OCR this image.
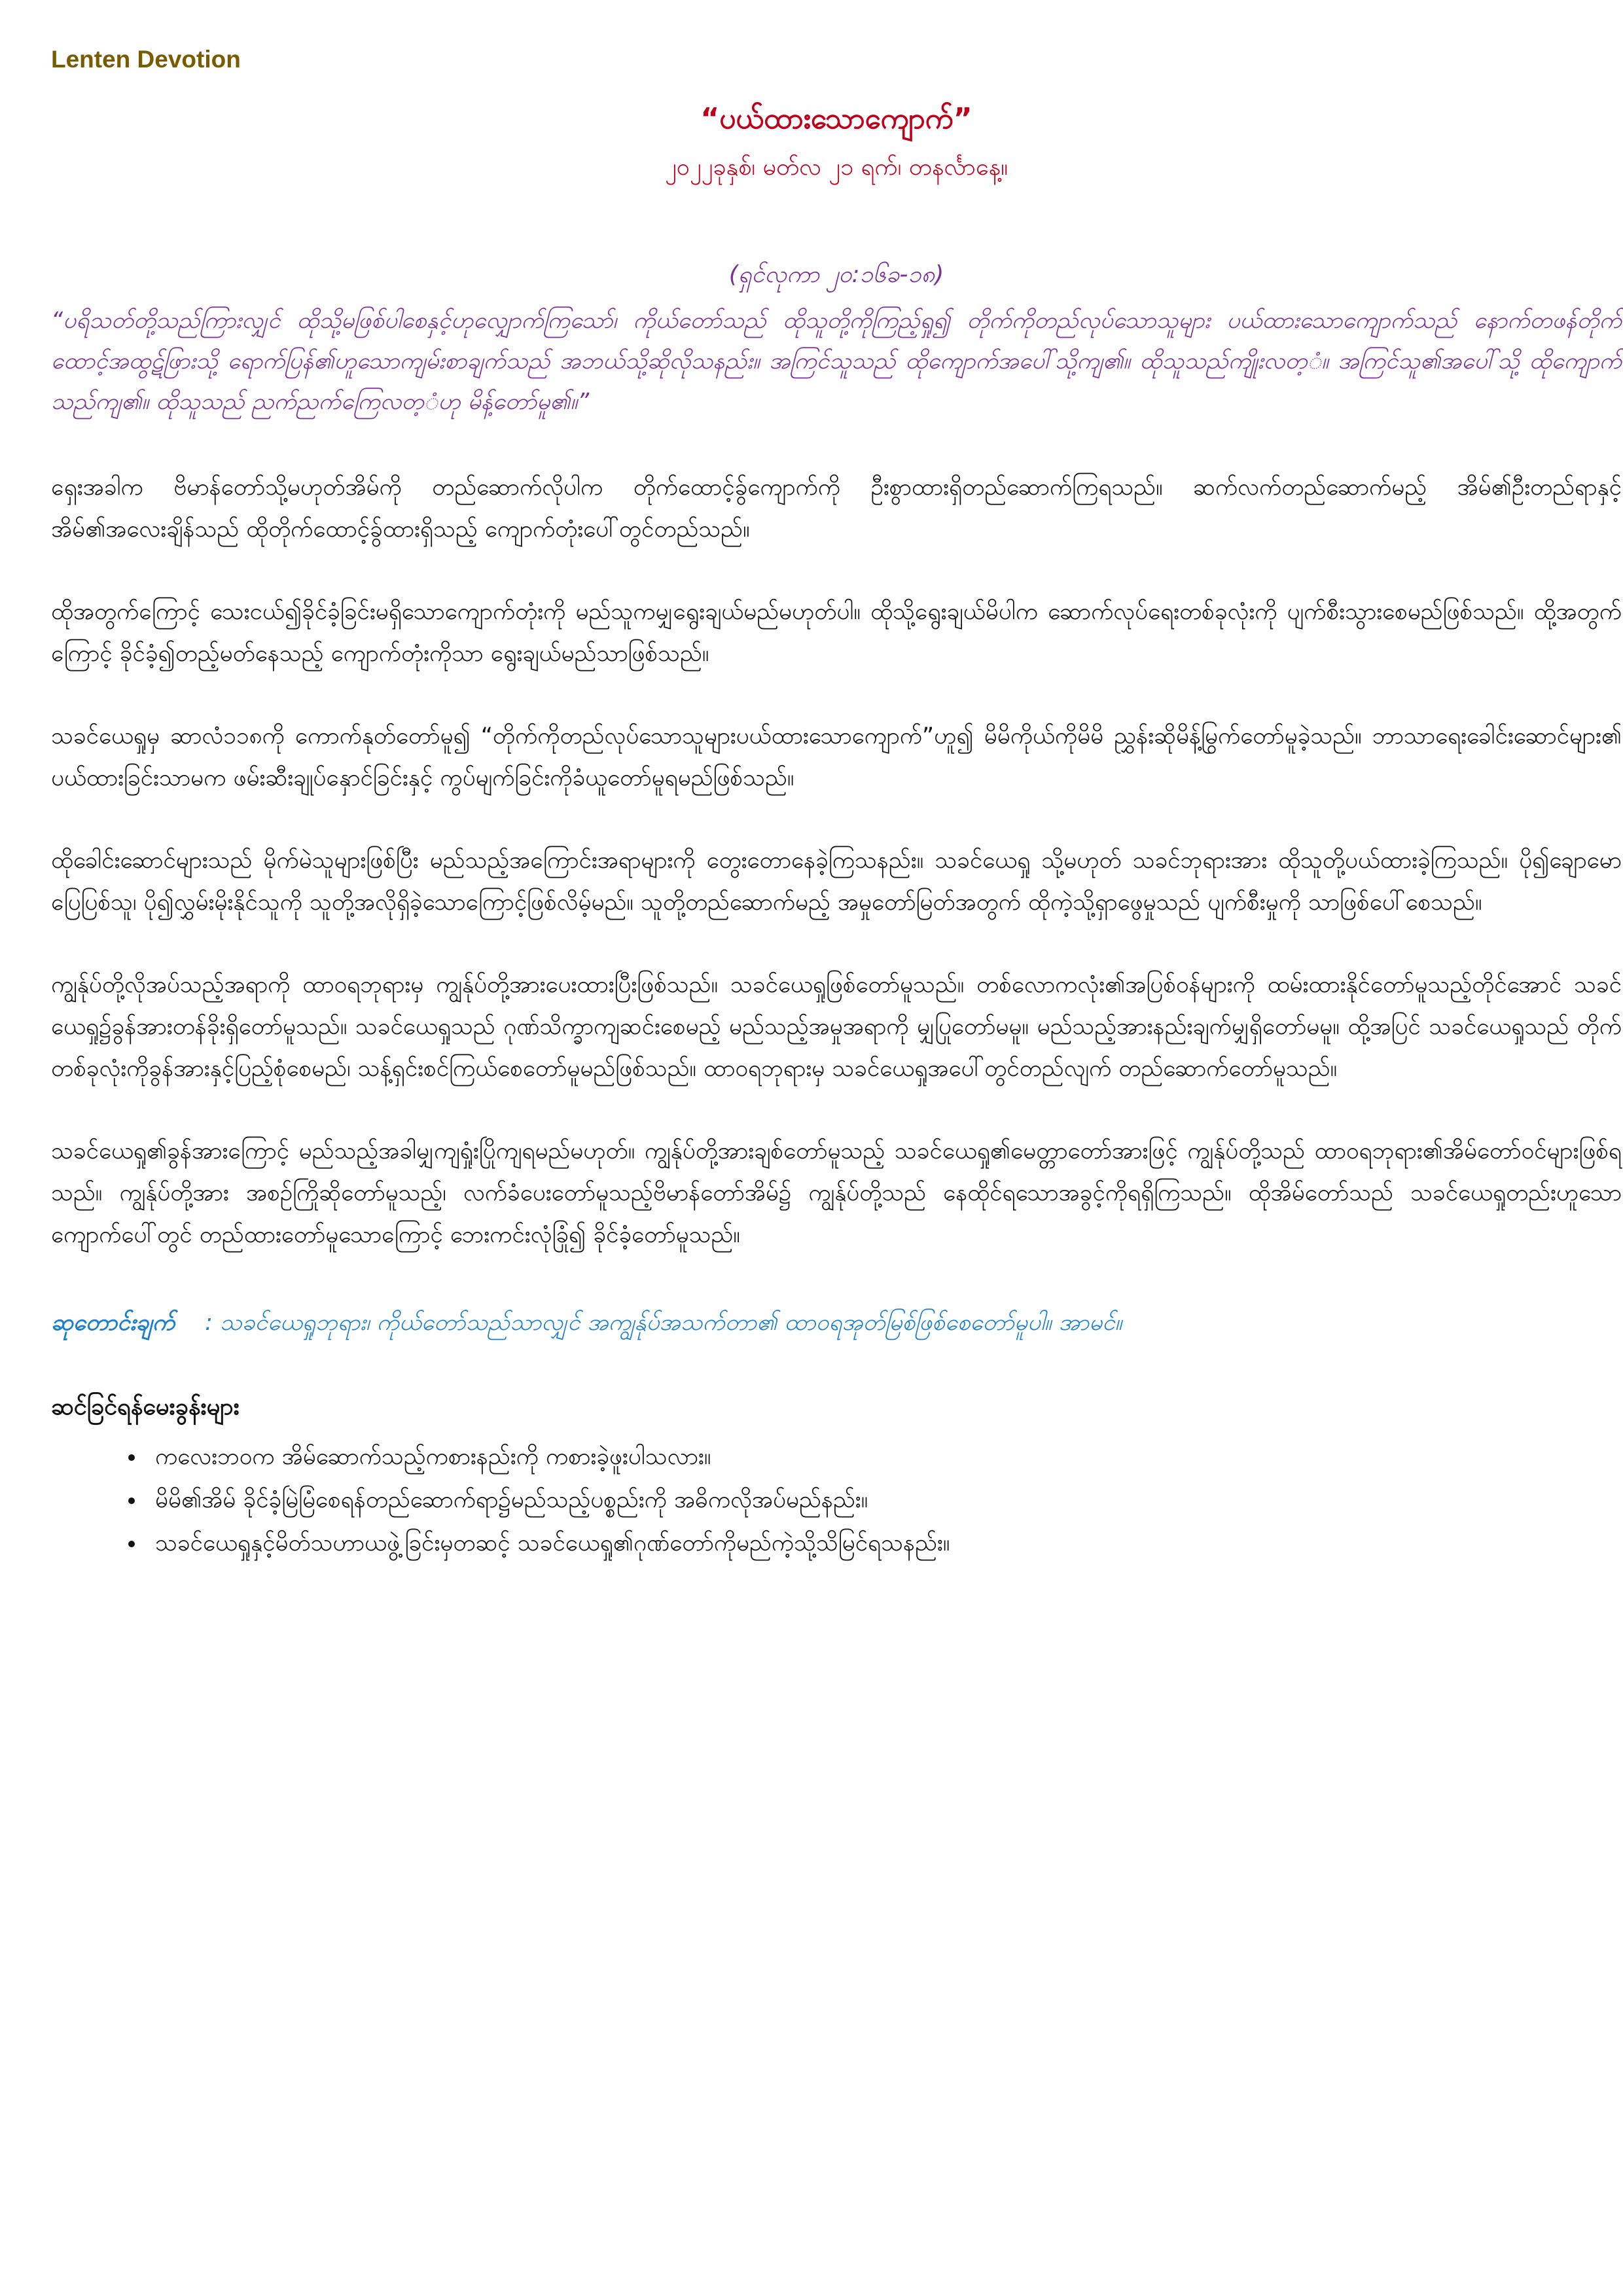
Lenten Devotion
“ပယ်ထားသောကျောက်”

၂၀၂၂ခုနှစ်၊ မတ်လ ၂၁ ရက်၊ တနင်္လာနေ့။

(ရှင်လုကာ ၂၀:၁၆ခ-၁၈)

“ပရိသတ်တို့သည်ကြားလျှင် ထိုသို့မဖြစ်ပါစေနှင့်ဟုလျှောက်ကြသော်၊ ကိုယ်တော်သည် ထိုသူတို့ကိုကြည့်ရှု၍ တိုက်ကိုတည်လုပ်သောသူများ ပယ်ထားသောကျောက်သည် နောက်တဖန်တိုက်ထောင့်အထွဋ်ဖြားသို့ ရောက်ပြန်၏ဟူသောကျမ်းစာချက်သည် အဘယ်သို့ဆိုလိုသနည်း။ အကြင်သူသည် ထိုကျောက်အပေါ်သို့ကျ၏။ ထိုသူသည်ကျိုးလတ့ံ။ အကြင်သူ၏အပေါ်သို့ ထိုကျောက်သည်ကျ၏။ ထိုသူသည် ညက်ညက်ကြေလတ့ံဟု မိန့်တော်မူ၏။”

ရှေးအခါက ဗိမာန်တော်သို့မဟုတ်အိမ်ကို တည်ဆောက်လိုပါက တိုက်ထောင့်ခွ်ကျောက်ကို ဦးစွာထားရှိတည်ဆောက်ကြရသည်။ ဆက်လက်တည်ဆောက်မည့် အိမ်၏ဦးတည်ရာနှင့် အိမ်၏အလေးချိန်သည် ထိုတိုက်ထောင့်ခွ်ထားရှိသည့် ကျောက်တုံးပေါ်တွင်တည်သည်။

ထိုအတွက်ကြောင့် သေးငယ်၍ခိုင်ခံ့ခြင်းမရှိသောကျောက်တုံးကို မည်သူကမျှရွေးချယ်မည်မဟုတ်ပါ။ ထိုသို့ရွေးချယ်မိပါက ဆောက်လုပ်ရေးတစ်ခုလုံးကို ပျက်စီးသွားစေမည်ဖြစ်သည်။ ထို့အတွက်ကြောင့် ခိုင်ခံ့၍တည့်မတ်နေသည့် ကျောက်တုံးကိုသာ ရွေးချယ်မည်သာဖြစ်သည်။

သခင်ယေရှုမှ ဆာလံ၁၁၈ကို ကောက်နုတ်တော်မူ၍ “တိုက်ကိုတည်လုပ်သောသူများပယ်ထားသောကျောက်”ဟူ၍ မိမိကိုယ်ကိုမိမိ ညွှန်းဆိုမိန့်မြွက်တော်မူခဲ့သည်။ ဘာသာရေးခေါင်းဆောင်များ၏ ပယ်ထားခြင်းသာမက ဖမ်းဆီးချုပ်နှောင်ခြင်းနှင့် ကွပ်မျက်ခြင်းကိုခံယူတော်မူရမည်ဖြစ်သည်။

ထိုခေါင်းဆောင်များသည် မိုက်မဲသူများဖြစ်ပြီး မည်သည့်အကြောင်းအရာများကို တွေးတောနေခဲ့ကြသနည်း။ သခင်ယေရှု သို့မဟုတ် သခင်ဘုရားအား ထိုသူတို့ပယ်ထားခဲ့ကြသည်။ ပို၍ချောမောပြေပြစ်သူ၊ ပို၍လွှမ်းမိုးနိုင်သူကို သူတို့အလိုရှိခဲ့သောကြောင့်ဖြစ်လိမ့်မည်။ သူတို့တည်ဆောက်မည့် အမှုတော်မြတ်အတွက် ထိုကဲ့သို့ရှာဖွေမှုသည် ပျက်စီးမှုကို သာဖြစ်ပေါ်စေသည်။

ကျွန်ုပ်တို့လိုအပ်သည့်အရာကို ထာဝရဘုရားမှ ကျွန်ုပ်တို့အားပေးထားပြီးဖြစ်သည်။ သခင်ယေရှုဖြစ်တော်မူသည်။ တစ်လောကလုံး၏အပြစ်ဝန်များကို ထမ်းထားနိုင်တော်မူသည့်တိုင်အောင် သခင်ယေရှု၌ခွန်အားတန်ခိုးရှိတော်မူသည်။ သခင်ယေရှုသည် ဂုဏ်သိက္ခာကျဆင်းစေမည့် မည်သည့်အမှုအရာကို မျှပြုတော်မမူ။ မည်သည့်အားနည်းချက်မျှရှိတော်မမူ။ ထို့အပြင် သခင်ယေရှုသည် တိုက်တစ်ခုလုံးကိုခွန်အားနှင့်ပြည့်စုံစေမည်၊ သန့်ရှင်းစင်ကြယ်စေတော်မူမည်ဖြစ်သည်။ ထာဝရဘုရားမှ သခင်ယေရှုအပေါ်တွင်တည်လျက် တည်ဆောက်တော်မူသည်။

သခင်ယေရှု၏ခွန်အားကြောင့် မည်သည့်အခါမျှကျရှုံးပြိုကျရမည်မဟုတ်။ ကျွန်ုပ်တို့အားချစ်တော်မူသည့် သခင်ယေရှု၏မေတ္တာတော်အားဖြင့် ကျွန်ုပ်တို့သည် ထာဝရဘုရား၏အိမ်တော်ဝင်များဖြစ်ရသည်။ ကျွန်ုပ်တို့အား အစဉ်ကြိုဆိုတော်မူသည့်၊ လက်ခံပေးတော်မူသည့်ဗိမာန်တော်အိမ်၌ ကျွန်ုပ်တို့သည် နေထိုင်ရသောအခွင့်ကိုရရှိကြသည်။ ထိုအိမ်တော်သည် သခင်ယေရှုတည်းဟူသောကျောက်ပေါ်တွင် တည်ထားတော်မူသောကြောင့် ဘေးကင်းလုံခြုံ၍ ခိုင်ခံ့တော်မူသည်။

ဆုတောင်းချက် : သခင်ယေရှုဘုရား၊ ကိုယ်တော်သည်သာလျှင် အကျွန်ုပ်အသက်တာ၏ ထာဝရအုတ်မြစ်ဖြစ်စေတော်မူပါ။ အာမင်။

ဆင်ခြင်ရန်မေးခွန်းများ
• ကလေးဘဝက အိမ်ဆောက်သည့်ကစားနည်းကို ကစားခဲ့ဖူးပါသလား။
• မိမိ၏အိမ် ခိုင်ခံ့မြဲမြံစေရန်တည်ဆောက်ရာ၌မည်သည့်ပစ္စည်းကို အဓိကလိုအပ်မည်နည်း။
• သခင်ယေရှုနှင့်မိတ်သဟာယဖွဲ့ခြင်းမှတဆင့် သခင်ယေရှု၏ဂုဏ်တော်ကိုမည်ကဲ့သို့သိမြင်ရသနည်း။
